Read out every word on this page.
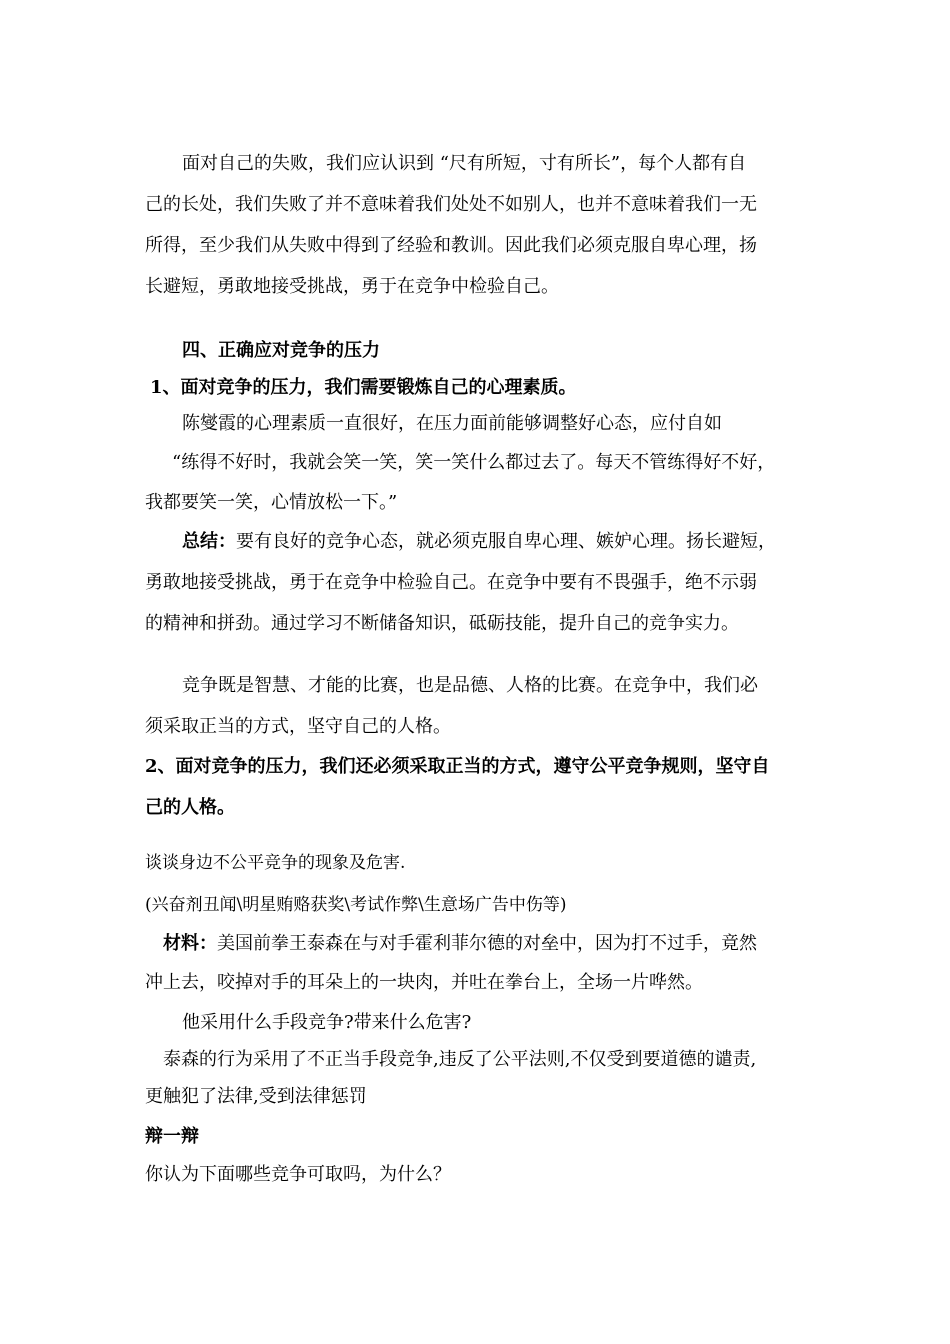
面对自己的失败，我们应认识到 “尺有所短，寸有所长”，每个人都有自

己的长处，我们失败了并不意味着我们处处不如别人，也并不意味着我们一无

所得，至少我们从失败中得到了经验和教训。因此我们必须克服自卑心理，扬

长避短，勇敢地接受挑战，勇于在竞争中检验自己。

四、正确应对竞争的压力

1、面对竞争的压力，我们需要锻炼自己的心理素质。

陈燮霞的心理素质一直很好，在压力面前能够调整好心态，应付自如

“练得不好时，我就会笑一笑，笑一笑什么都过去了。每天不管练得好不好，

我都要笑一笑，心情放松一下。”

总结：要有良好的竞争心态，就必须克服自卑心理、嫉妒心理。扬长避短，

勇敢地接受挑战，勇于在竞争中检验自己。在竞争中要有不畏强手，绝不示弱

的精神和拼劲。通过学习不断储备知识，砥砺技能，提升自己的竞争实力。

竞争既是智慧、才能的比赛，也是品德、人格的比赛。在竞争中，我们必

须采取正当的方式，坚守自己的人格。

2、面对竞争的压力，我们还必须采取正当的方式，遵守公平竞争规则，坚守自

己的人格。

谈谈身边不公平竞争的现象及危害.

(兴奋剂丑闻\明星贿赂获奖\考试作弊\生意场广告中伤等)

材料：美国前拳王泰森在与对手霍利菲尔德的对垒中，因为打不过手，竟然

冲上去，咬掉对手的耳朵上的一块肉，并吐在拳台上，全场一片哗然。

他采用什么手段竞争?带来什么危害?

泰森的行为采用了不正当手段竞争,违反了公平法则,不仅受到要道德的谴责,

更触犯了法律,受到法律惩罚

辩一辩

你认为下面哪些竞争可取吗，为什么？
